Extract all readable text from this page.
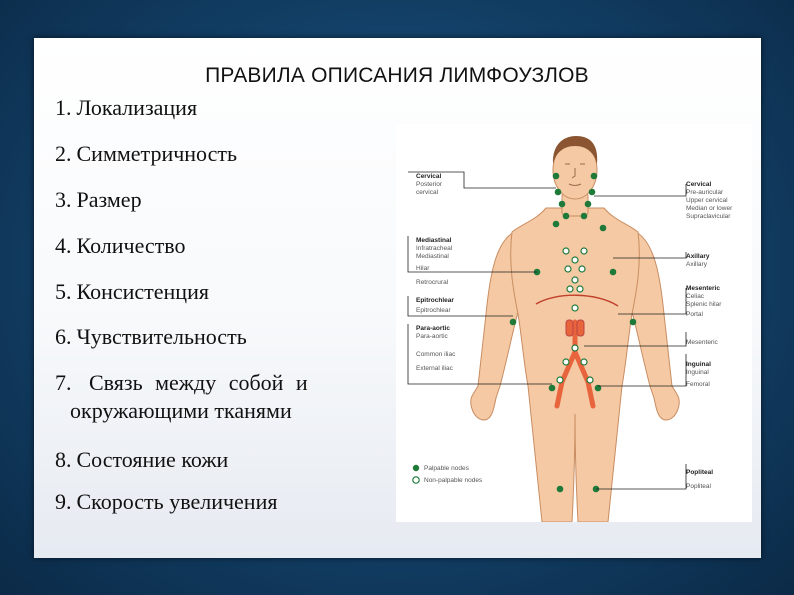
ПРАВИЛА ОПИСАНИЯ ЛИМФОУЗЛОВ
1. Локализация
2. Симметричность
3. Размер
4. Количество
5. Консистенция
6. Чувствительность
7. Связь между собой и
окружающими тканями
8. Состояние кожи
9. Скорость увеличения
Cervical
Posterior
cervical
Mediastinal
Infratracheal
Mediastinal
Hilar
Retrocrural
Epitrochlear
Epitrochlear
Para-aortic
Para-aortic
Common iliac
External iliac
Cervical
Pre-auricular
Upper cervical
Median or lower
Supraclavicular
Axillary
Axillary
Mesenteric
Celiac
Splenic hilar
Portal
Mesenteric
Inguinal
Inguinal
Femoral
Popliteal
Popliteal
Palpable nodes
Non-palpable nodes
